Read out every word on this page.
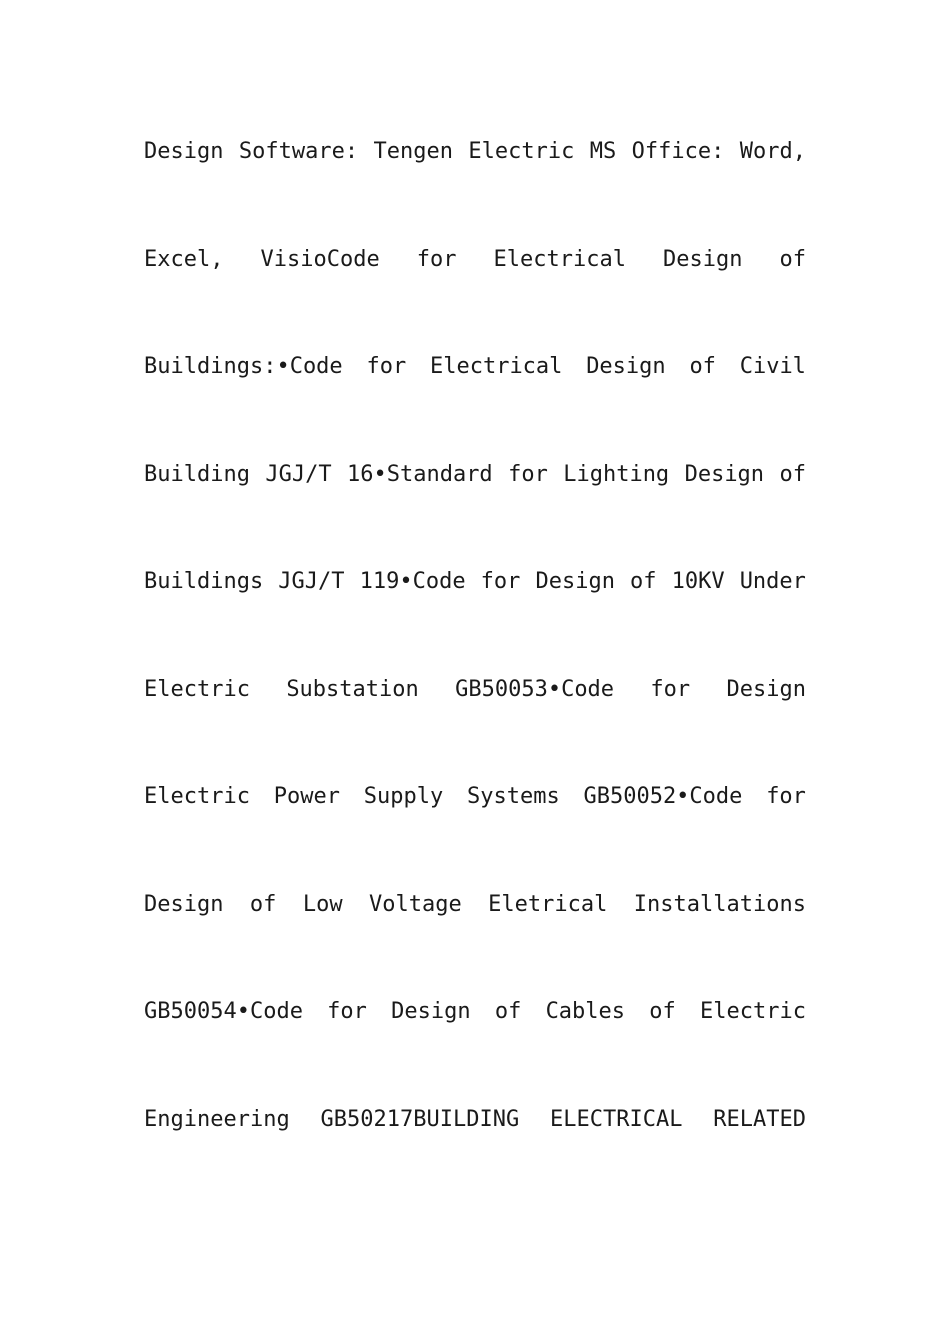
Design Software: Tengen Electric MS Office: Word,
Excel, VisioCode for Electrical Design of
Buildings:•Code for Electrical Design of Civil
Building JGJ/T 16•Standard for Lighting Design of
Buildings JGJ/T 119•Code for Design of 10KV Under
Electric Substation GB50053•Code for Design
Electric Power Supply Systems GB50052•Code for
Design of Low Voltage Eletrical Installations
GB50054•Code for Design of Cables of Electric
Engineering GB50217BUILDING ELECTRICAL RELATED
